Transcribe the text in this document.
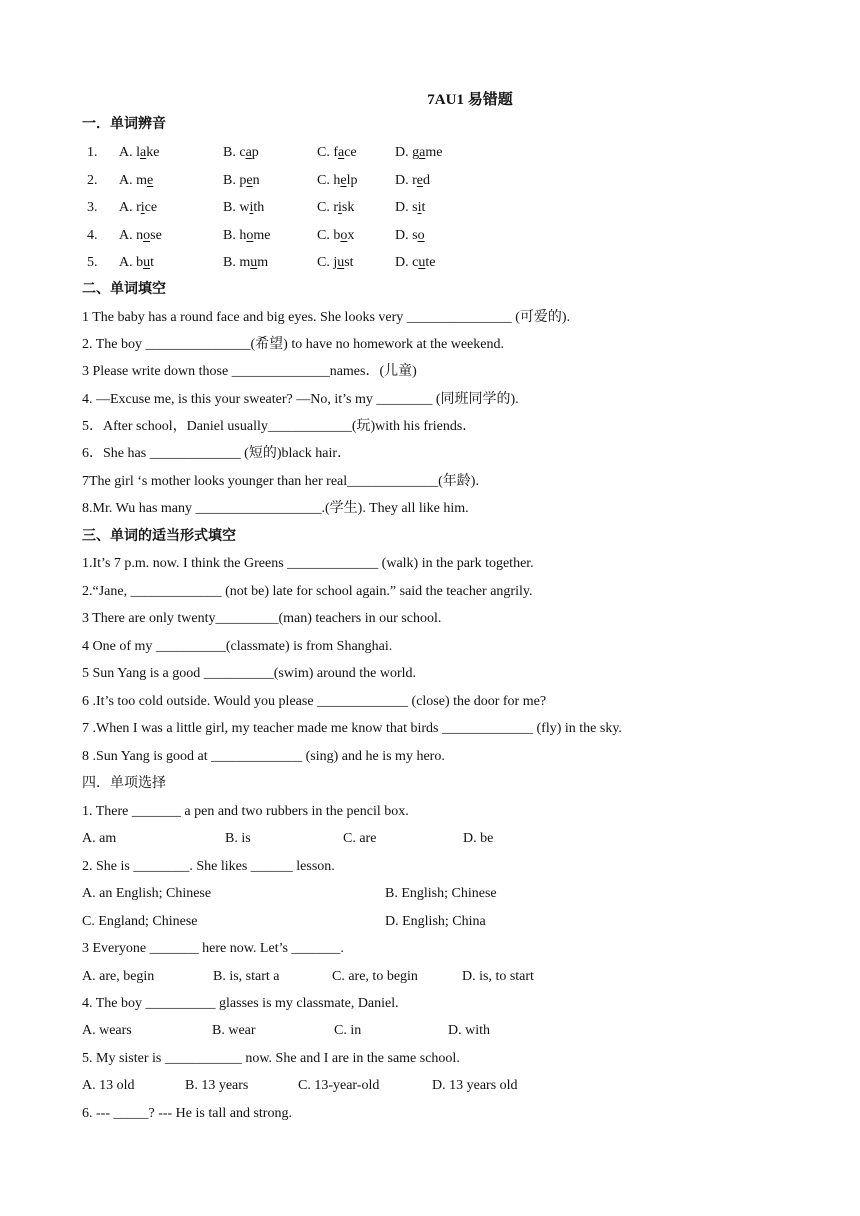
7AU1 易错题
一．单词辨音
1. A. lake	B. cap	C. face	D. game
2. A. me	B. pen	C. help	D. red
3. A. rice	B. with	C. risk	D. sit
4. A. nose	B. home	C. box	D. so
5. A. but	B. mum	C. just	D. cute
二、单词填空
1 The baby has a round face and big eyes. She looks very _______________ (可爱的).
2. The boy _______________(希望) to have no homework at the weekend.
3 Please write down those ______________names．(儿童)
4. —Excuse me, is this your sweater? —No, it’s my ________ (同班同学的).
5．After school，Daniel usually____________(玩)with his friends．
6．She has _____________ (短的)black hair．
7The girl ‘s mother looks younger than her real_____________(年龄).
8.Mr. Wu has many __________________.(学生). They all like him.
三、单词的适当形式填空
1.It’s 7 p.m. now. I think the Greens _____________ (walk) in the park together.
2.“Jane, _____________ (not be) late for school again.” said the teacher angrily.
3 There are only twenty_________(man) teachers in our school.
4 One of my __________(classmate) is from Shanghai.
5 Sun Yang is a good __________(swim) around the world.
6 .It’s too cold outside. Would you please _____________ (close) the door for me?
7 .When I was a little girl, my teacher made me know that birds _____________ (fly) in the sky.
8 .Sun Yang is good at _____________ (sing) and he is my hero.
四．单项选择
1. There _______ a pen and two rubbers in the pencil box.
A. am	B. is	C. are	D. be
2. She is ________. She likes ______ lesson.
A. an English; Chinese	B. English; Chinese
C. England; Chinese	D. English; China
3 Everyone _______ here now. Let’s _______.
A. are, begin	B. is, start a	C. are, to begin	D. is, to start
4. The boy __________ glasses is my classmate, Daniel.
A. wears	B. wear	C. in	D. with
5. My sister is ___________ now. She and I are in the same school.
A. 13 old	B. 13 years	C. 13-year-old	D. 13 years old
6. --- _____? --- He is tall and strong.
